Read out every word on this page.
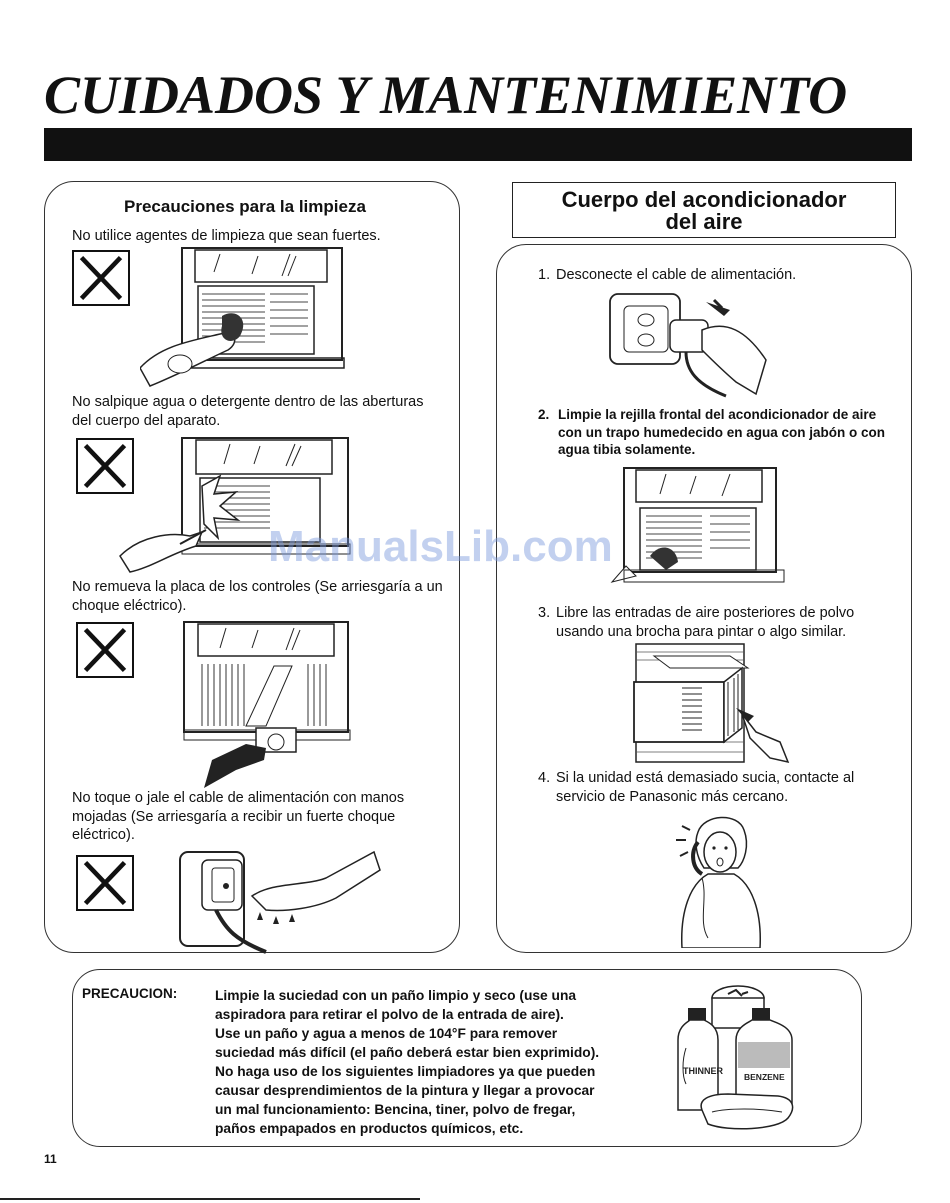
CUIDADOS Y MANTENIMIENTO
Precauciones para la limpieza
No utilice agentes de limpieza que sean fuertes.
No salpique agua o detergente dentro de las aberturas del cuerpo del aparato.
No remueva la placa de los controles (Se arriesgaría a un choque eléctrico).
No toque o jale el cable de alimentación con manos mojadas (Se arriesgaría a recibir un fuerte choque eléctrico).
Cuerpo del acondicionador
del aire
1. Desconecte el cable de alimentación.
2. Limpie la rejilla frontal del acondicionador de aire con un trapo humedecido en agua con jabón o con agua tibia solamente.
3. Libre las entradas de aire posteriores de polvo usando una brocha para pintar o algo similar.
4. Si la unidad está demasiado sucia, contacte al servicio de Panasonic más cercano.
ManualsLib.com
PRECAUCION:	Limpie la suciedad con un paño limpio y seco (use una
aspiradora para retirar el polvo de la entrada de aire).
Use un paño y agua a menos de 104°F para remover
suciedad más difícil (el paño deberá estar bien exprimido).
No haga uso de los siguientes limpiadores ya que pueden
causar desprendimientos de la pintura y llegar a provocar
un mal funcionamiento: Bencina, tiner, polvo de fregar,
paños empapados en productos químicos, etc.
THINNER
BENZENE
11
